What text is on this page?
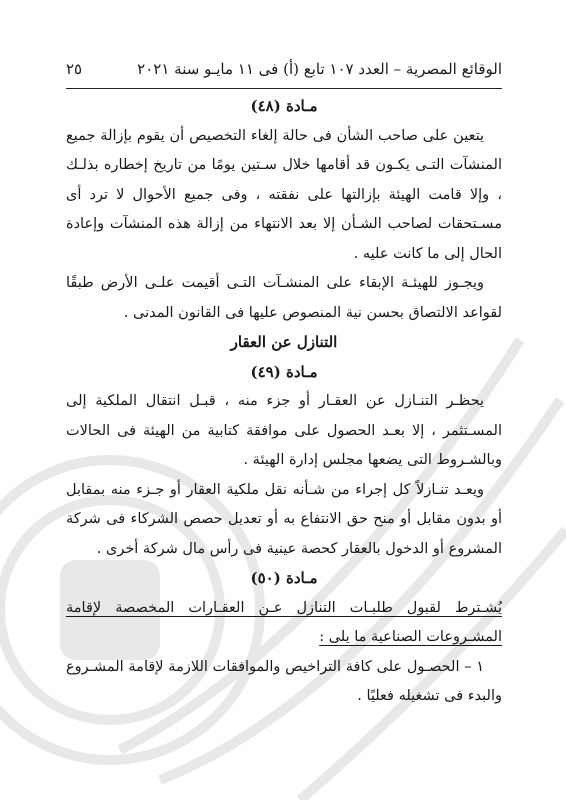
الوقائع المصرية – العدد ١٠٧ تابع (أ) فى ١١ مايـو سنة ٢٠٢١
٢٥

مـادة (٤٨)

يتعين على صاحب الشأن فى حالة إلغاء التخصيص أن يقوم بإزالة جميع المنشآت التـى يكـون قد أقامها خلال سـتين يومًا من تاريخ إخطاره بذلـك ، وإلا قامت الهيئة بإزالتها على نفقته ، وفى جميع الأحوال لا ترد أى مسـتحقات لصاحب الشـأن إلا بعد الانتهاء من إزالة هذه المنشآت وإعادة الحال إلى ما كانت عليه .

ويجـوز للهيئـة الإبقاء على المنشـآت التـى أقيمت علـى الأرض طبقًا لقواعد الالتصاق بحسن نية المنصوص عليها فى القانون المدنى .

التنازل عن العقار

مـادة (٤٩)

يحظـر التنـازل عن العقـار أو جزء منه ، قبـل انتقال الملكية إلى المسـتثمر ، إلا بعـد الحصول على موافقة كتابية من الهيئة فى الحالات وبالشـروط التى يضعها مجلس إدارة الهيئة .

ويعـد تنـازلاً كل إجراء من شـأنه نقل ملكية العقار أو جـزء منه بمقابل أو بدون مقابل أو منح حق الانتفاع به أو تعديل حصص الشركاء فى شركة المشروع أو الدخول بالعقار كحصة عينية فى رأس مال شركة أخرى .

مـادة (٥٠)

يُشـترط لقبول طلبـات التنازل عـن العقـارات المخصصة لإقامة المشـروعات الصناعية ما يلى :

١ – الحصـول على كافة التراخيص والموافقات اللازمة لإقامة المشـروع والبدء فى تشغيله فعليًا .
